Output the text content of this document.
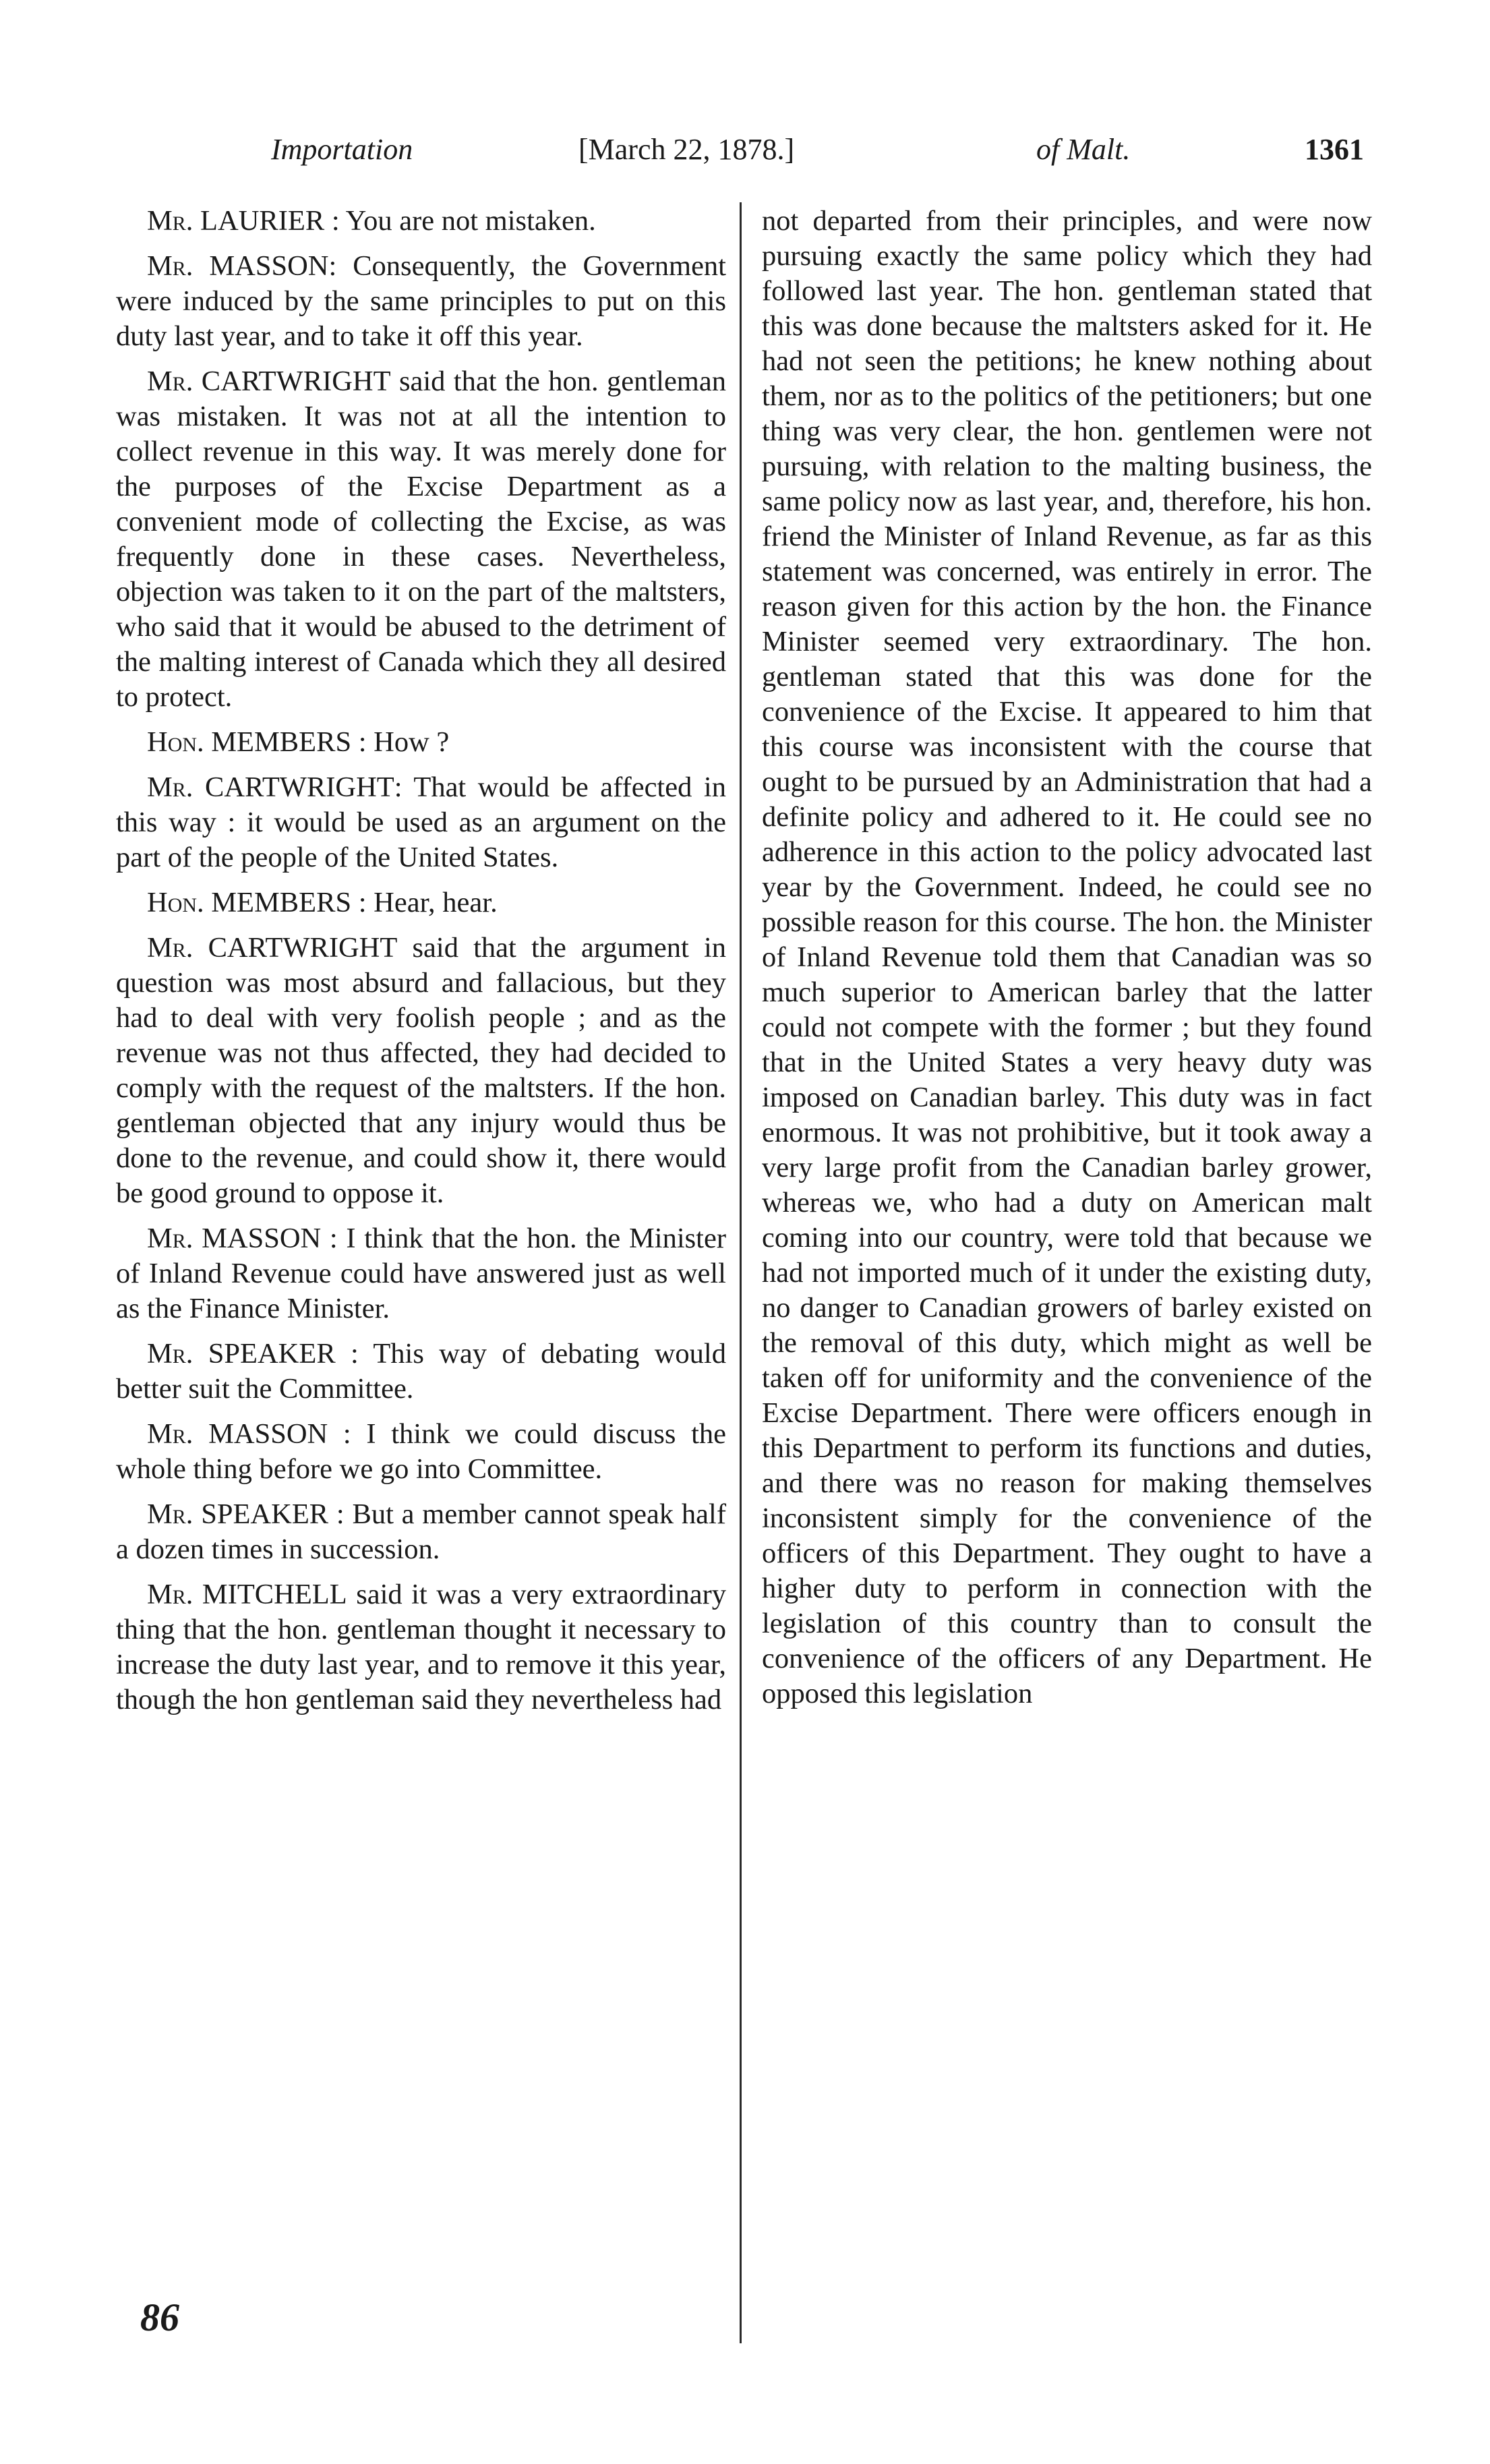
Importation	[March 22, 1878.]	of Malt.	1361

Mr. LAURIER : You are not mistaken.

Mr. MASSON: Consequently, the Government were induced by the same principles to put on this duty last year, and to take it off this year.

Mr. CARTWRIGHT said that the hon. gentleman was mistaken. It was not at all the intention to collect revenue in this way. It was merely done for the purposes of the Excise Department as a convenient mode of collecting the Excise, as was frequently done in these cases. Nevertheless, objection was taken to it on the part of the maltsters, who said that it would be abused to the detriment of the malting interest of Canada which they all desired to protect.

Hon. MEMBERS : How ?

Mr. CARTWRIGHT: That would be affected in this way : it would be used as an argument on the part of the people of the United States.

Hon. MEMBERS : Hear, hear.

Mr. CARTWRIGHT said that the argument in question was most absurd and fallacious, but they had to deal with very foolish people ; and as the revenue was not thus affected, they had decided to comply with the request of the maltsters. If the hon. gentleman objected that any injury would thus be done to the revenue, and could show it, there would be good ground to oppose it.

Mr. MASSON : I think that the hon. the Minister of Inland Revenue could have answered just as well as the Finance Minister.

Mr. SPEAKER : This way of debating would better suit the Committee.

Mr. MASSON : I think we could discuss the whole thing before we go into Committee.

Mr. SPEAKER : But a member cannot speak half a dozen times in succession.

Mr. MITCHELL said it was a very extraordinary thing that the hon. gentleman thought it necessary to increase the duty last year, and to remove it this year, though the hon gentleman said they nevertheless had

not departed from their principles, and were now pursuing exactly the same policy which they had followed last year. The hon. gentleman stated that this was done because the maltsters asked for it. He had not seen the petitions; he knew nothing about them, nor as to the politics of the petitioners; but one thing was very clear, the hon. gentlemen were not pursuing, with relation to the malting business, the same policy now as last year, and, therefore, his hon. friend the Minister of Inland Revenue, as far as this statement was concerned, was entirely in error. The reason given for this action by the hon. the Finance Minister seemed very extraordinary. The hon. gentleman stated that this was done for the convenience of the Excise. It appeared to him that this course was inconsistent with the course that ought to be pursued by an Administration that had a definite policy and adhered to it. He could see no adherence in this action to the policy advocated last year by the Government. Indeed, he could see no possible reason for this course. The hon. the Minister of Inland Revenue told them that Canadian was so much superior to American barley that the latter could not compete with the former ; but they found that in the United States a very heavy duty was imposed on Canadian barley. This duty was in fact enormous. It was not prohibitive, but it took away a very large profit from the Canadian barley grower, whereas we, who had a duty on American malt coming into our country, were told that because we had not imported much of it under the existing duty, no danger to Canadian growers of barley existed on the removal of this duty, which might as well be taken off for uniformity and the convenience of the Excise Department. There were officers enough in this Department to perform its functions and duties, and there was no reason for making themselves inconsistent simply for the convenience of the officers of this Department. They ought to have a higher duty to perform in connection with the legislation of this country than to consult the convenience of the officers of any Department. He opposed this legislation

86
